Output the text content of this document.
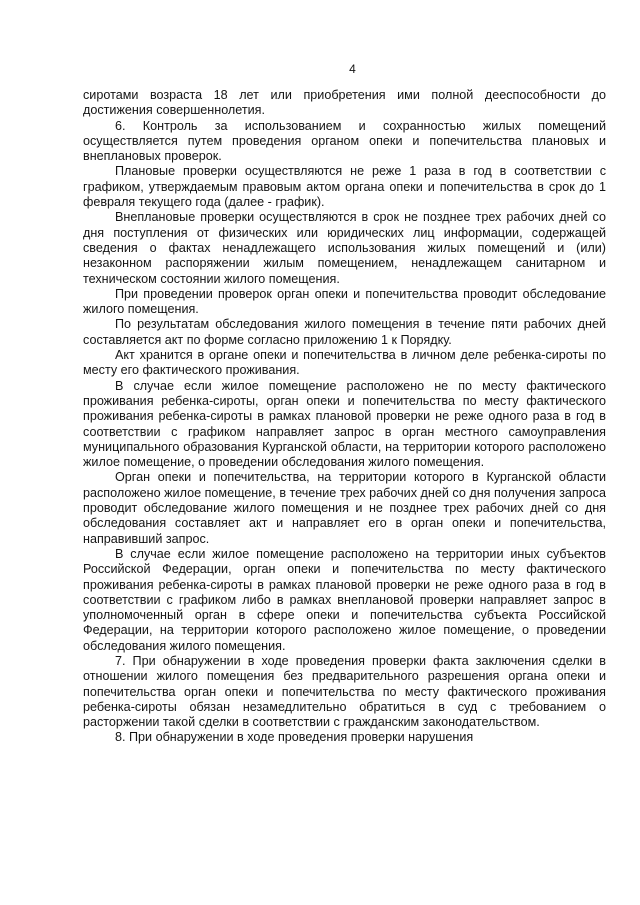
4

сиротами возраста 18 лет или приобретения ими полной дееспособности до достижения совершеннолетия.

6. Контроль за использованием и сохранностью жилых помещений осуществляется путем проведения органом опеки и попечительства плановых и внеплановых проверок.

Плановые проверки осуществляются не реже 1 раза в год в соответствии с графиком, утверждаемым правовым актом органа опеки и попечительства в срок до 1 февраля текущего года (далее - график).

Внеплановые проверки осуществляются в срок не позднее трех рабочих дней со дня поступления от физических или юридических лиц информации, содержащей сведения о фактах ненадлежащего использования жилых помещений и (или) незаконном распоряжении жилым помещением, ненадлежащем санитарном и техническом состоянии жилого помещения.

При проведении проверок орган опеки и попечительства проводит обследование жилого помещения.

По результатам обследования жилого помещения в течение пяти рабочих дней составляется акт по форме согласно приложению 1 к Порядку.

Акт хранится в органе опеки и попечительства в личном деле ребенка-сироты по месту его фактического проживания.

В случае если жилое помещение расположено не по месту фактического проживания ребенка-сироты, орган опеки и попечительства по месту фактического проживания ребенка-сироты в рамках плановой проверки не реже одного раза в год в соответствии с графиком направляет запрос в орган местного самоуправления муниципального образования Курганской области, на территории которого расположено жилое помещение, о проведении обследования жилого помещения.

Орган опеки и попечительства, на территории которого в Курганской области расположено жилое помещение, в течение трех рабочих дней со дня получения запроса проводит обследование жилого помещения и не позднее трех рабочих дней со дня обследования составляет акт и направляет его в орган опеки и попечительства, направивший запрос.

В случае если жилое помещение расположено на территории иных субъектов Российской Федерации, орган опеки и попечительства по месту фактического проживания ребенка-сироты в рамках плановой проверки не реже одного раза в год в соответствии с графиком либо в рамках внеплановой проверки направляет запрос в уполномоченный орган в сфере опеки и попечительства субъекта Российской Федерации, на территории которого расположено жилое помещение, о проведении обследования жилого помещения.

7. При обнаружении в ходе проведения проверки факта заключения сделки в отношении жилого помещения без предварительного разрешения органа опеки и попечительства орган опеки и попечительства по месту фактического проживания ребенка-сироты обязан незамедлительно обратиться в суд с требованием о расторжении такой сделки в соответствии с гражданским законодательством.

8. При обнаружении в ходе проведения проверки нарушения
